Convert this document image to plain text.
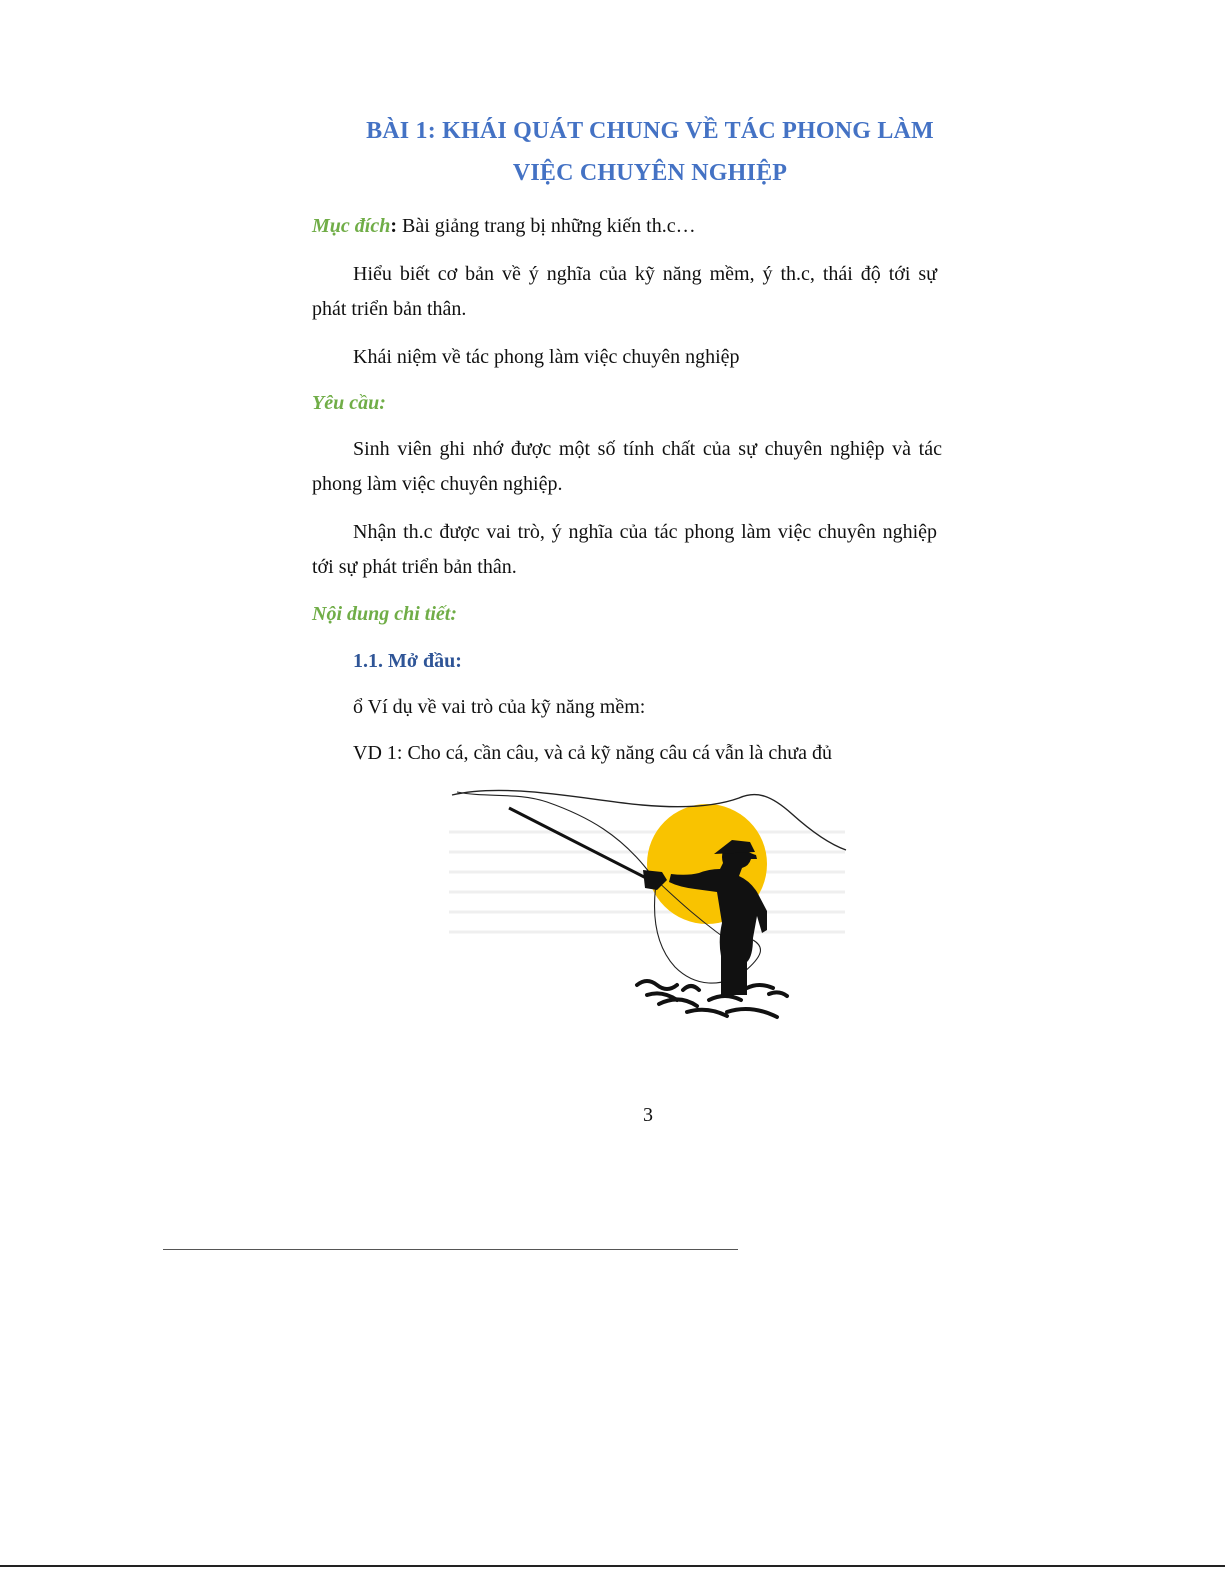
BÀI 1: KHÁI QUÁT CHUNG VỀ TÁC PHONG LÀM
VIỆC CHUYÊN NGHIỆP
Mục đích: Bài giảng trang bị những kiến th.c…
Hiểu biết cơ bản về ý nghĩa của kỹ năng mềm, ý th.c, thái độ tới sự
phát triển bản thân.
Khái niệm về tác phong làm việc chuyên nghiệp
Yêu cầu:
Sinh viên ghi nhớ được một số tính chất của sự chuyên nghiệp và tác
phong làm việc chuyên nghiệp.
Nhận th.c được vai trò, ý nghĩa của tác phong làm việc chuyên nghiệp
tới sự phát triển bản thân.
Nội dung chi tiết:
1.1. Mở đầu:
ổ Ví dụ về vai trò của kỹ năng mềm:
VD 1: Cho cá, cần câu, và cả kỹ năng câu cá vẫn là chưa đủ
3
